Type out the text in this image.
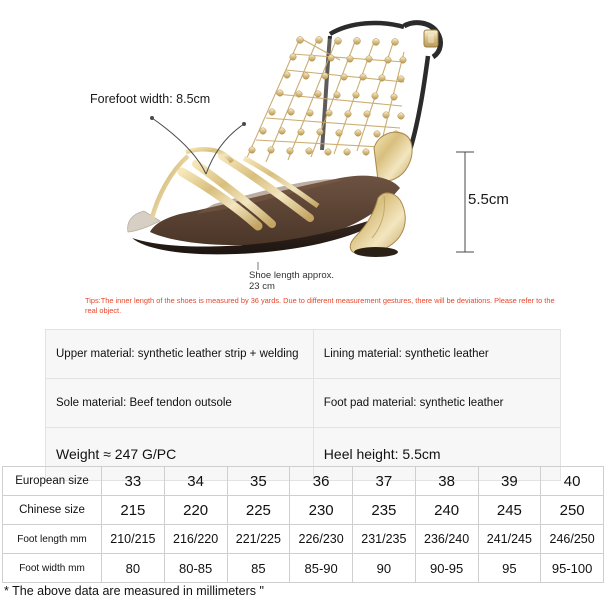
Forefoot width: 8.5cm
5.5cm
Shoe length approx. 23 cm
Tips:The inner length of the shoes is measured by 36 yards. Due to different measurement gestures, there will be deviations. Please refer to the real object.
Upper material: synthetic leather strip + welding	Lining material: synthetic leather
Sole material: Beef tendon outsole	Foot pad material: synthetic leather
Weight ≈ 247 G/PC	Heel height: 5.5cm
European size	33	34	35	36	37	38	39	40
Chinese size	215	220	225	230	235	240	245	250
Foot length mm	210/215	216/220	221/225	226/230	231/235	236/240	241/245	246/250
Foot width mm	80	80-85	85	85-90	90	90-95	95	95-100
* The above data are measured in millimeters "
